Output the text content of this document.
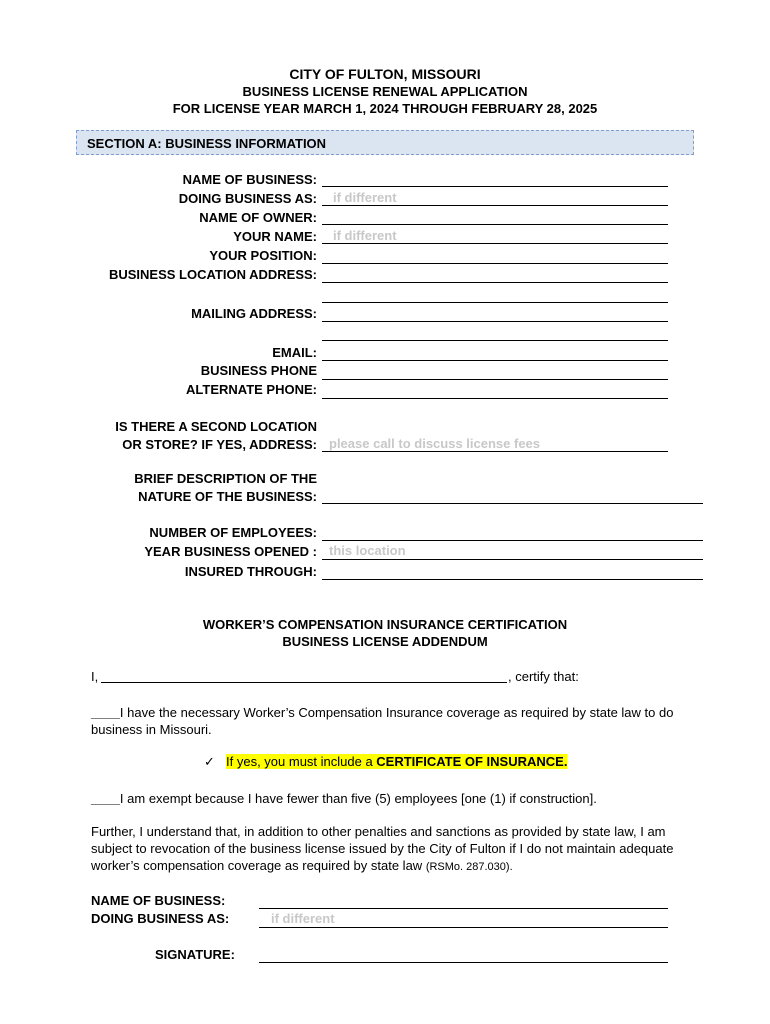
CITY OF FULTON, MISSOURI
BUSINESS LICENSE RENEWAL APPLICATION
FOR LICENSE YEAR MARCH 1, 2024 THROUGH FEBRUARY 28, 2025
SECTION A: BUSINESS INFORMATION
NAME OF BUSINESS:
DOING BUSINESS AS: if different
NAME OF OWNER:
YOUR NAME: if different
YOUR POSITION:
BUSINESS LOCATION ADDRESS:
MAILING ADDRESS:
EMAIL:
BUSINESS PHONE
ALTERNATE PHONE:
IS THERE A SECOND LOCATION
OR STORE? IF YES, ADDRESS: please call to discuss license fees
BRIEF DESCRIPTION OF THE
NATURE OF THE BUSINESS:
NUMBER OF EMPLOYEES:
YEAR BUSINESS OPENED : this location
INSURED THROUGH:
WORKER’S COMPENSATION INSURANCE CERTIFICATION
BUSINESS LICENSE ADDENDUM
I,	, certify that:
____I have the necessary Worker’s Compensation Insurance coverage as required by state law to do business in Missouri.
✓ If yes, you must include a CERTIFICATE OF INSURANCE.
____I am exempt because I have fewer than five (5) employees [one (1) if construction].
Further, I understand that, in addition to other penalties and sanctions as provided by state law, I am subject to revocation of the business license issued by the City of Fulton if I do not maintain adequate worker’s compensation coverage as required by state law (RSMo. 287.030).
NAME OF BUSINESS:
DOING BUSINESS AS:	if different
SIGNATURE:
